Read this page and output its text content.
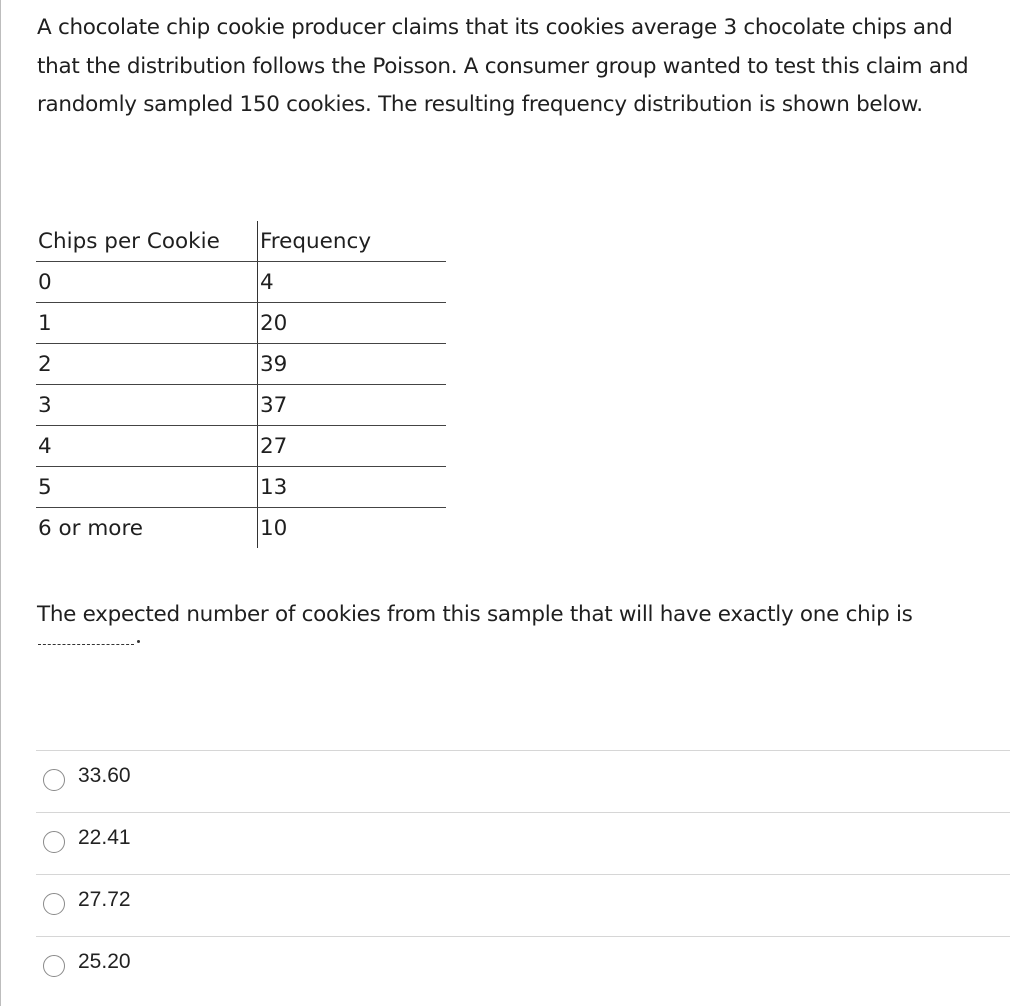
A chocolate chip cookie producer claims that its cookies average 3 chocolate chips and that the distribution follows the Poisson. A consumer group wanted to test this claim and randomly sampled 150 cookies. The resulting frequency distribution is shown below.

Chips per Cookie	Frequency
0	4
1	20
2	39
3	37
4	27
5	13
6 or more	10

The expected number of cookies from this sample that will have exactly one chip is

33.60
22.41
27.72
25.20
